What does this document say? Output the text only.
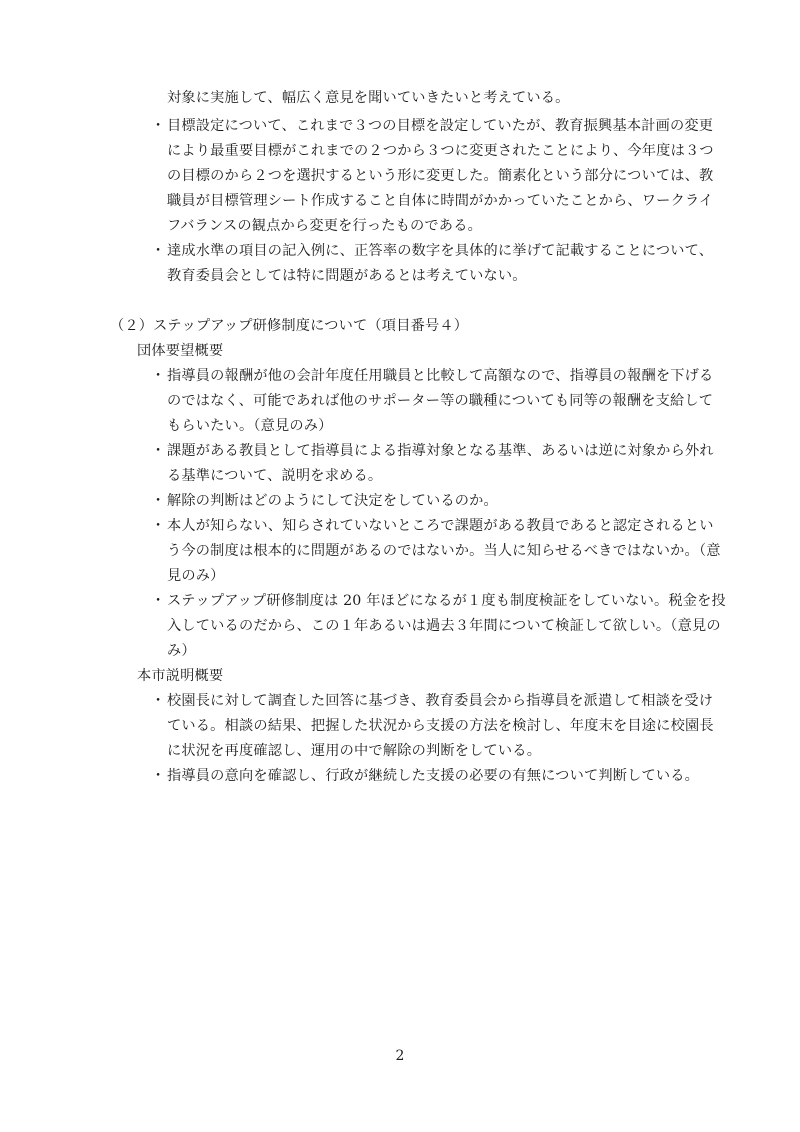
対象に実施して、幅広く意見を聞いていきたいと考えている。
・ 目標設定について、これまで３つの目標を設定していたが、教育振興基本計画の変更
により最重要目標がこれまでの２つから３つに変更されたことにより、今年度は３つ
の目標のから２つを選択するという形に変更した。簡素化という部分については、教
職員が目標管理シート作成すること自体に時間がかかっていたことから、ワークライ
フバランスの観点から変更を行ったものである。
・ 達成水準の項目の記入例に、正答率の数字を具体的に挙げて記載することについて、
教育委員会としては特に問題があるとは考えていない。
（２）ステップアップ研修制度について（項目番号４）
団体要望概要
・ 指導員の報酬が他の会計年度任用職員と比較して高額なので、指導員の報酬を下げる
のではなく、可能であれば他のサポーター等の職種についても同等の報酬を支給して
もらいたい。（意見のみ）
・ 課題がある教員として指導員による指導対象となる基準、あるいは逆に対象から外れ
る基準について、説明を求める。
・ 解除の判断はどのようにして決定をしているのか。
・ 本人が知らない、知らされていないところで課題がある教員であると認定されるとい
う今の制度は根本的に問題があるのではないか。当人に知らせるべきではないか。（意
見のみ）
・ ステップアップ研修制度は 20 年ほどになるが１度も制度検証をしていない。税金を投
入しているのだから、この１年あるいは過去３年間について検証して欲しい。（意見の
み）
本市説明概要
・ 校園長に対して調査した回答に基づき、教育委員会から指導員を派遣して相談を受け
ている。相談の結果、把握した状況から支援の方法を検討し、年度末を目途に校園長
に状況を再度確認し、運用の中で解除の判断をしている。
・ 指導員の意向を確認し、行政が継続した支援の必要の有無について判断している。
2
